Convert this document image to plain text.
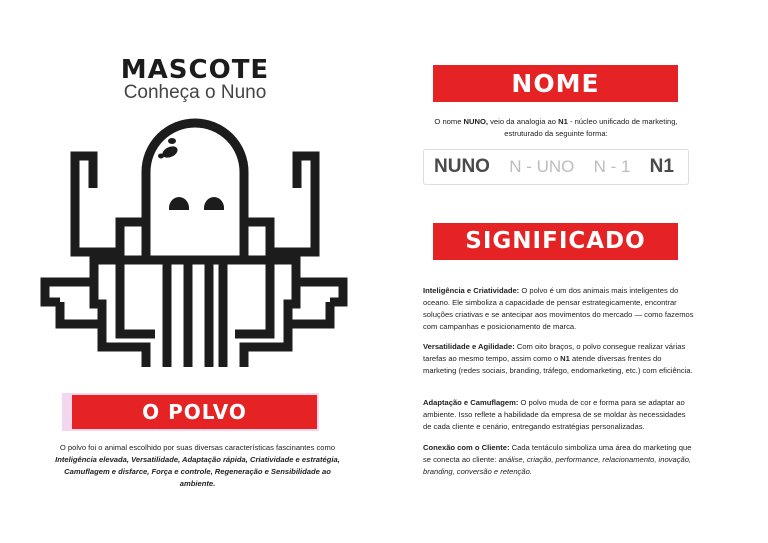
MASCOTE
Conheça o Nuno
O POLVO
O polvo foi o animal escolhido por suas diversas características fascinantes como Inteligência elevada, Versatilidade, Adaptação rápida, Criatividade e estratégia, Camuflagem e disfarce, Força e controle, Regeneração e Sensibilidade ao ambiente.
NOME
O nome NUNO, veio da analogia ao N1 - núcleo unificado de marketing, estruturado da seguinte forma:
NUNO N - UNO N - 1 N1
SIGNIFICADO
Inteligência e Criatividade: O polvo é um dos animais mais inteligentes do oceano. Ele simboliza a capacidade de pensar estrategicamente, encontrar soluções criativas e se antecipar aos movimentos do mercado — como fazemos com campanhas e posicionamento de marca.
Versatilidade e Agilidade: Com oito braços, o polvo consegue realizar várias tarefas ao mesmo tempo, assim como o N1 atende diversas frentes do marketing (redes sociais, branding, tráfego, endomarketing, etc.) com eficiência.
Adaptação e Camuflagem: O polvo muda de cor e forma para se adaptar ao ambiente. Isso reflete a habilidade da empresa de se moldar às necessidades de cada cliente e cenário, entregando estratégias personalizadas.
Conexão com o Cliente: Cada tentáculo simboliza uma área do marketing que se conecta ao cliente: análise, criação, performance, relacionamento, inovação, branding, conversão e retenção.
